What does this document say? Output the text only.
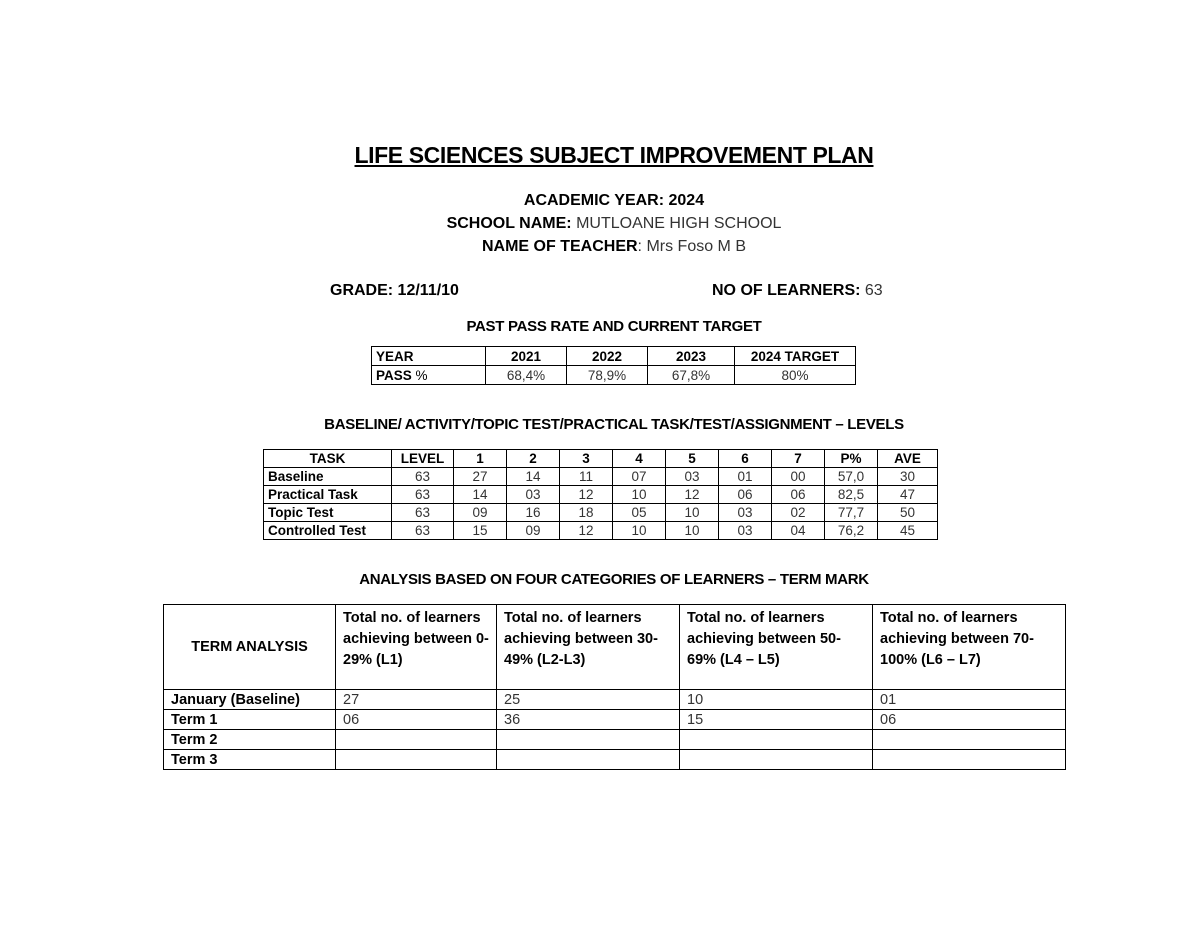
LIFE SCIENCES SUBJECT IMPROVEMENT PLAN
ACADEMIC YEAR: 2024
SCHOOL NAME: MUTLOANE HIGH SCHOOL
NAME OF TEACHER: Mrs Foso M B
GRADE: 12/11/10	NO OF LEARNERS: 63
PAST PASS RATE AND CURRENT TARGET
YEAR	2021	2022	2023	2024 TARGET
PASS %	68,4%	78,9%	67,8%	80%
BASELINE/ ACTIVITY/TOPIC TEST/PRACTICAL TASK/TEST/ASSIGNMENT – LEVELS
TASK	LEVEL	1	2	3	4	5	6	7	P%	AVE
Baseline	63	27	14	11	07	03	01	00	57,0	30
Practical Task	63	14	03	12	10	12	06	06	82,5	47
Topic Test	63	09	16	18	05	10	03	02	77,7	50
Controlled Test	63	15	09	12	10	10	03	04	76,2	45
ANALYSIS BASED ON FOUR CATEGORIES OF LEARNERS – TERM MARK
TERM ANALYSIS	Total no. of learners achieving between 0-29% (L1)	Total no. of learners achieving between 30-49% (L2-L3)	Total no. of learners achieving between 50-69% (L4 – L5)	Total no. of learners achieving between 70-100% (L6 – L7)
January (Baseline)	27	25	10	01
Term 1	06	36	15	06
Term 2				
Term 3				
